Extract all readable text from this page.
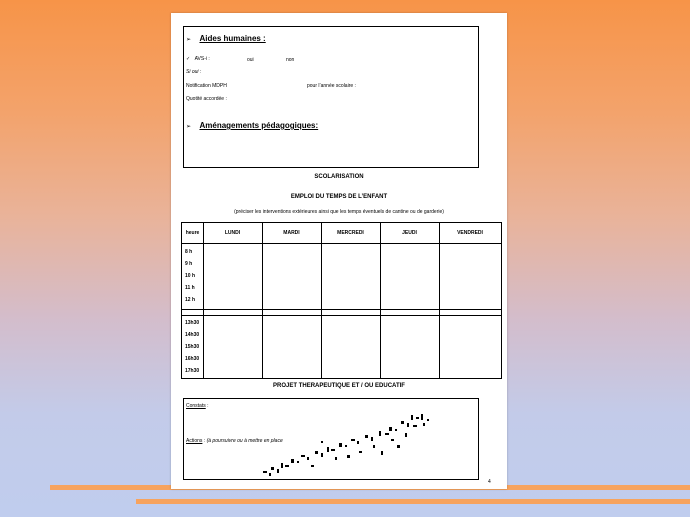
➢ Aides humaines :
✓ AVS-i :	oui	non
Si oui :
Notification MDPH	pour l’année scolaire :
Quotité accordée :
➢ Aménagements pédagogiques:
SCOLARISATION
EMPLOI DU TEMPS DE L’ENFANT
(préciser les interventions extérieures ainsi que les temps éventuels de cantine ou de garderie)
heure	LUNDI	MARDI	MERCREDI	JEUDI	VENDREDI
8 h
9 h
10 h
11 h
12 h
13h30
14h30
15h30
16h30
17h30
PROJET THERAPEUTIQUE ET / OU EDUCATIF
Constats :
Actions : (à poursuivre ou à mettre en place
4
